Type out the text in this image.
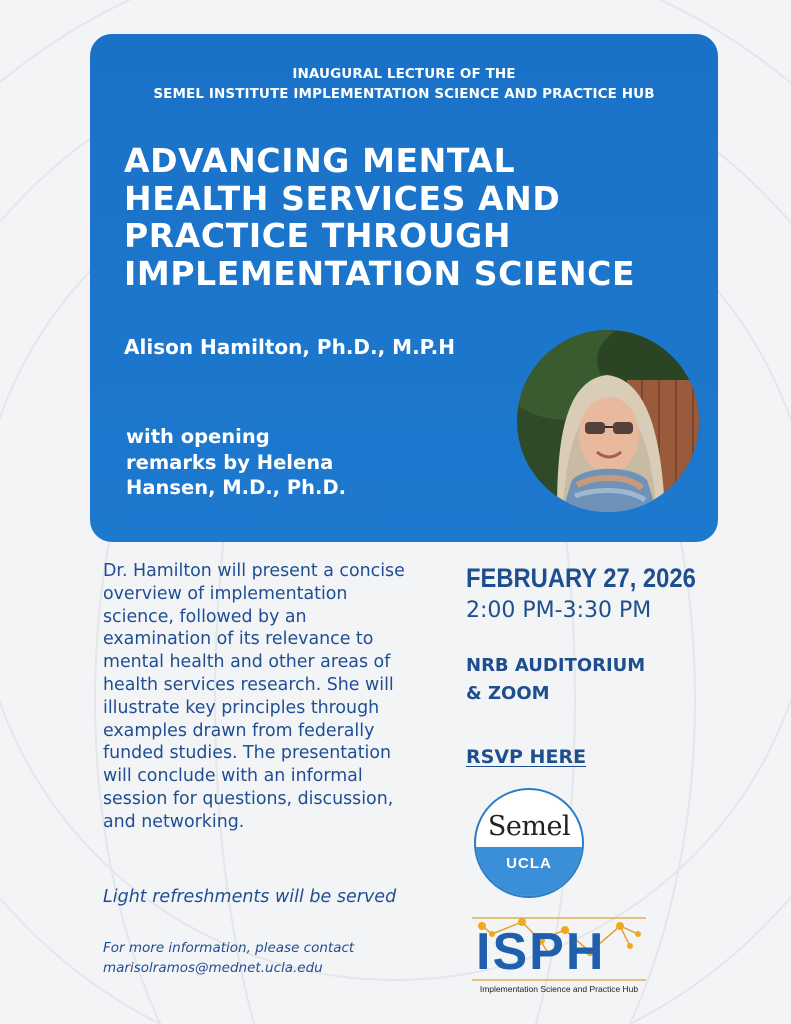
INAUGURAL LECTURE OF THE
SEMEL INSTITUTE IMPLEMENTATION SCIENCE AND PRACTICE HUB
ADVANCING MENTAL
HEALTH SERVICES AND
PRACTICE THROUGH
IMPLEMENTATION SCIENCE
Alison Hamilton, Ph.D., M.P.H
with opening
remarks by Helena
Hansen, M.D., Ph.D.
Dr. Hamilton will present a concise
overview of implementation
science, followed by an
examination of its relevance to
mental health and other areas of
health services research. She will
illustrate key principles through
examples drawn from federally
funded studies. The presentation
will conclude with an informal
session for questions, discussion,
and networking.
Light refreshments will be served
For more information, please contact
marisolramos@mednet.ucla.edu
FEBRUARY 27, 2026
2:00 PM-3:30 PM
NRB AUDITORIUM
& ZOOM
RSVP HERE
Semel
UCLA
ISPH
Implementation Science and Practice Hub
